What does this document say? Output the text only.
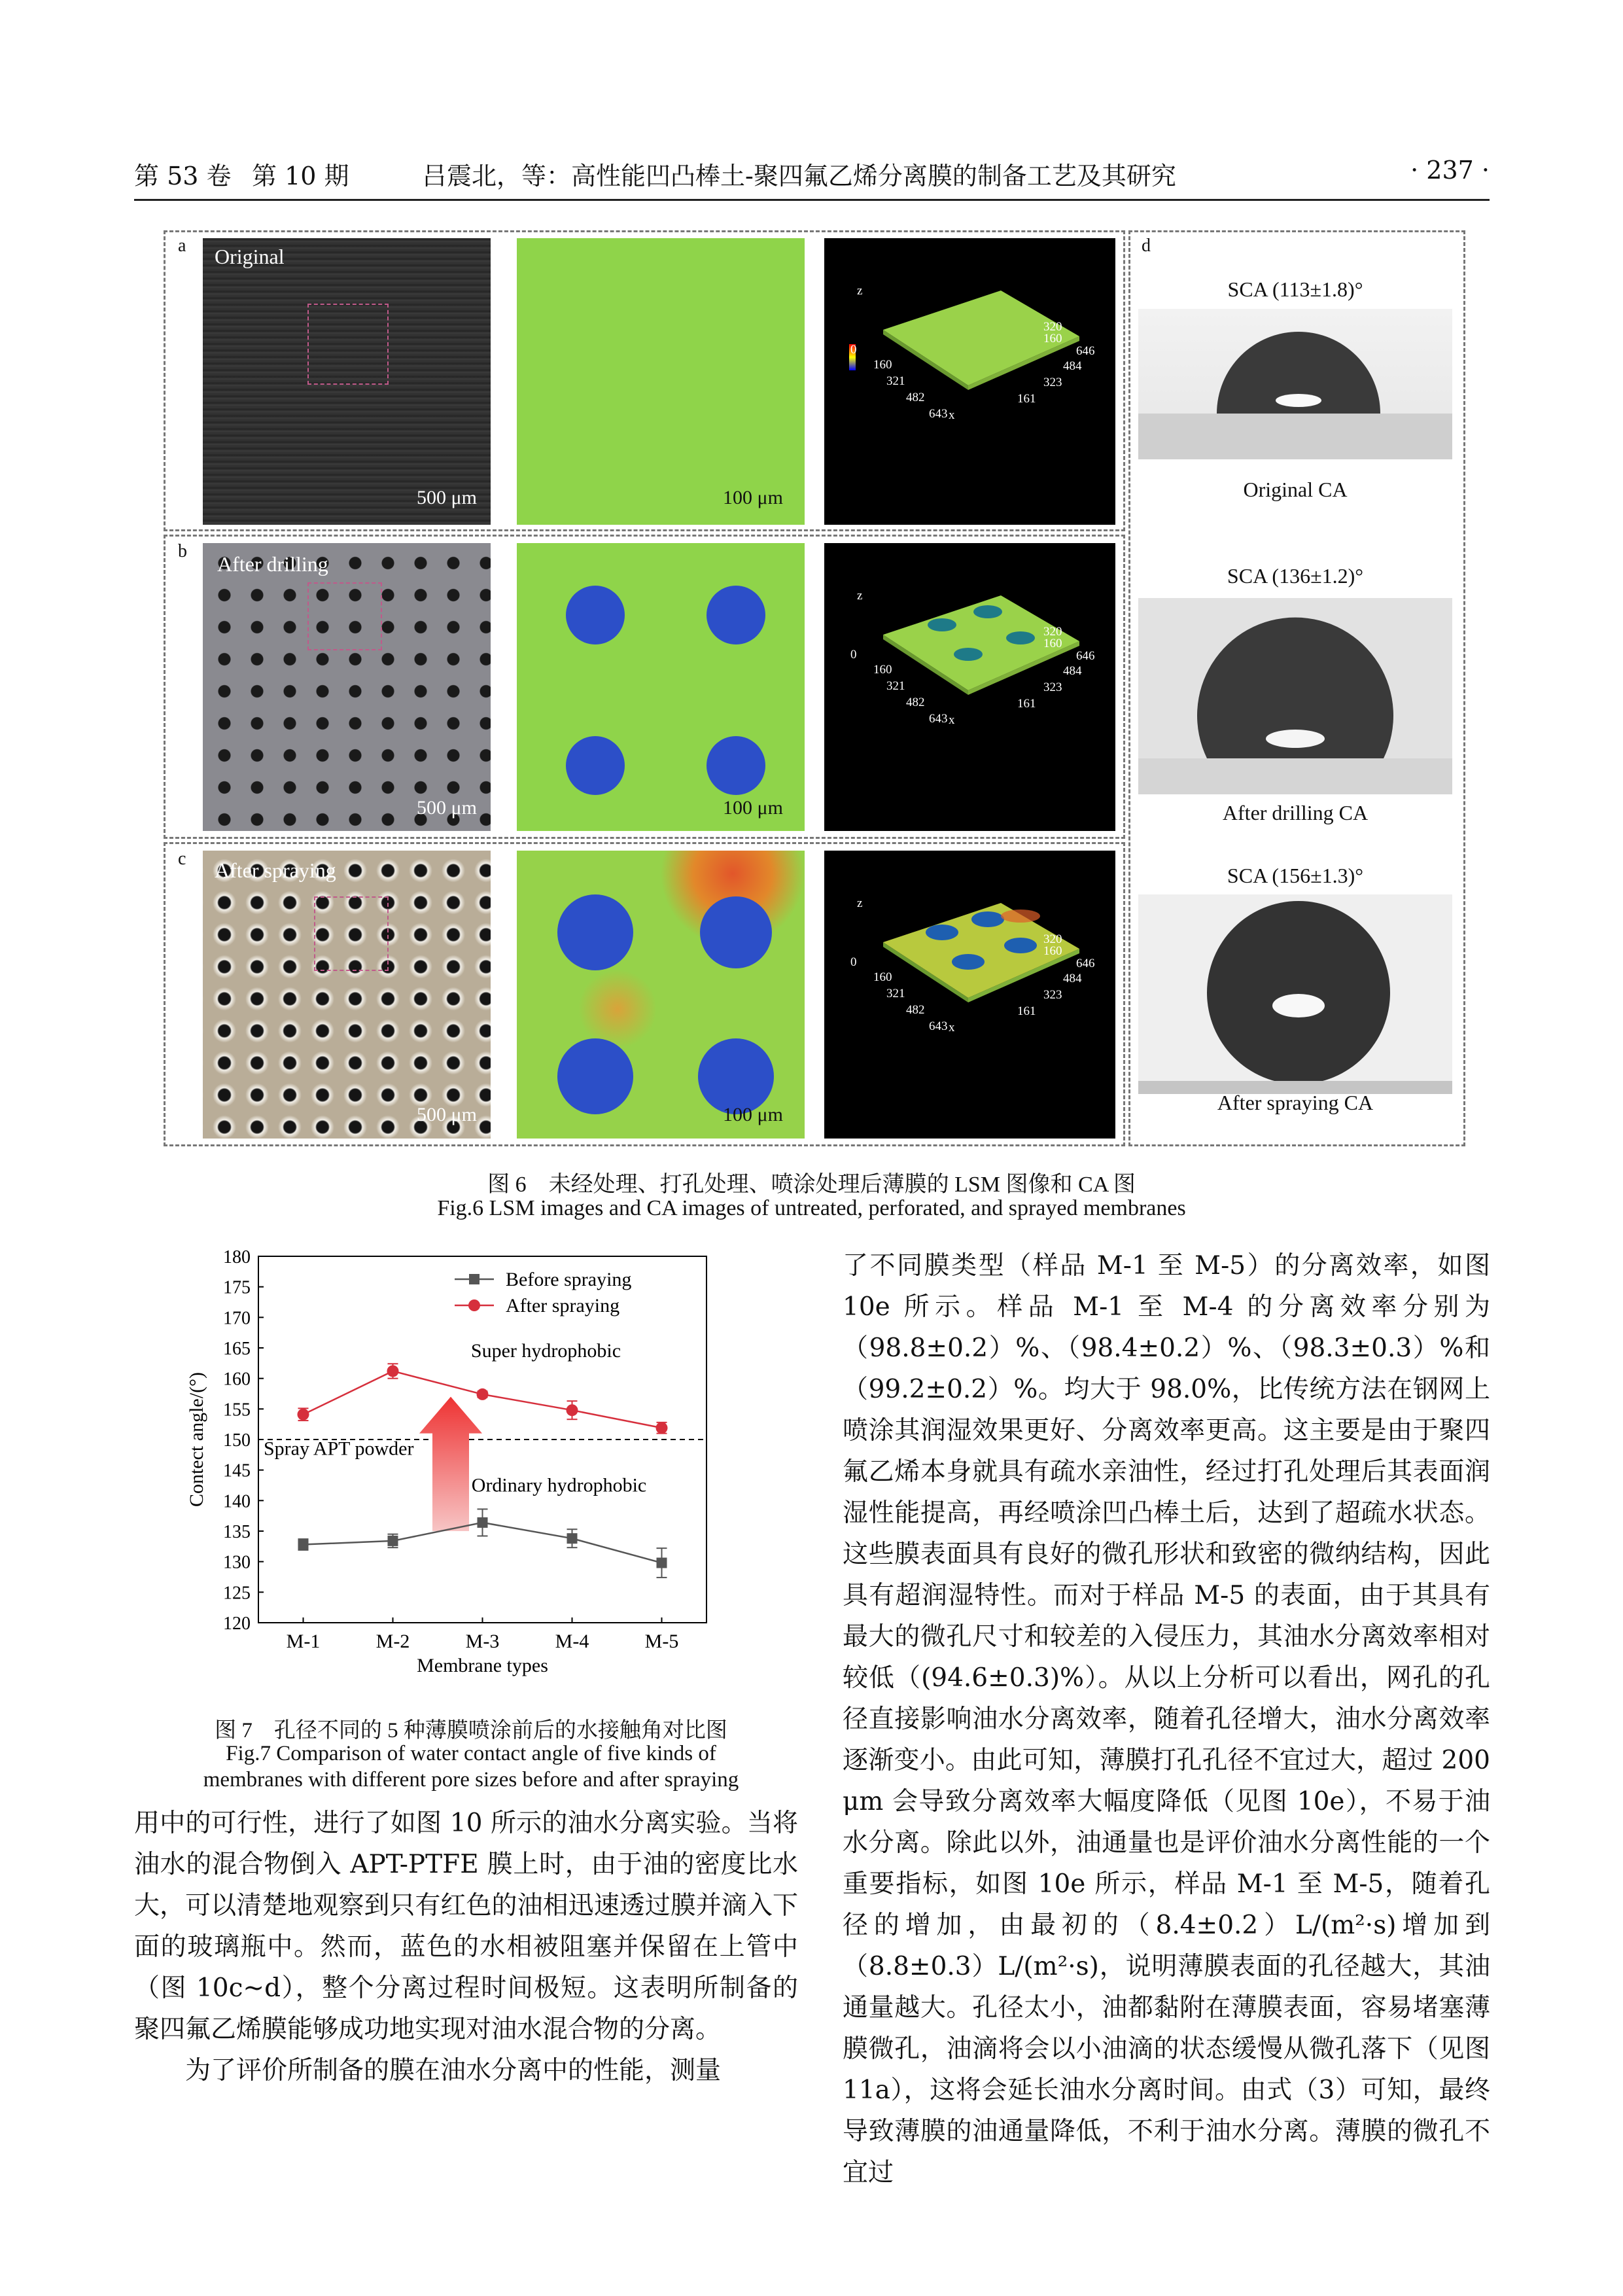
第 53 卷 第 10 期	吕震北，等：高性能凹凸棒土-聚四氟乙烯分离膜的制备工艺及其研究	· 237 ·
a Original
500 μm	100 μm
b
After drilling
500 μm	100 μm
c After spraying
500 μm	100 μm
0
160
321
482
643
320
160
646
484
323
161
x
z
0
160
321
482
643
320
160
646
484
323
161
x
z
0
160
321
482
643
320
160
646
484
323
161
x
z
d
SCA (113±1.8)°
Original CA
SCA (136±1.2)°
After drilling CA
SCA (156±1.3)°
After spraying CA
图 6　未经处理、打孔处理、喷涂处理后薄膜的 LSM 图像和 CA 图
Fig.6 LSM images and CA images of untreated, perforated, and sprayed membranes
120
125
130
135
140
145
150
155
160
165
170
175
180
M-1	M-2	M-3	M-4	M-5
Membrane types
Contect angle/(°)	Spray APT powder
Super hydrophobic
Ordinary hydrophobic
Before spraying
After spraying
图 7　孔径不同的 5 种薄膜喷涂前后的水接触角对比图
Fig.7 Comparison of water contact angle of five kinds of
membranes with different pore sizes before and after spraying

用中的可行性，进行了如图 10 所示的油水分离实验。当将油水的混合物倒入 APT-PTFE 膜上时，由于油的密度比水大，可以清楚地观察到只有红色的油相迅速透过膜并滴入下面的玻璃瓶中。然而，蓝色的水相被阻塞并保留在上管中（图 10c~d），整个分离过程时间极短。这表明所制备的聚四氟乙烯膜能够成功地实现对油水混合物的分离。

为了评价所制备的膜在油水分离中的性能，测量

了不同膜类型（样品 M-1 至 M-5）的分离效率，如图 10e 所示。样品 M-1 至 M-4 的分离效率分别为（98.8±0.2）%、（98.4±0.2）%、（98.3±0.3）%和（99.2±0.2）%。均大于 98.0%，比传统方法在钢网上喷涂其润湿效果更好、分离效率更高。这主要是由于聚四氟乙烯本身就具有疏水亲油性，经过打孔处理后其表面润湿性能提高，再经喷涂凹凸棒土后，达到了超疏水状态。这些膜表面具有良好的微孔形状和致密的微纳结构，因此具有超润湿特性。而对于样品 M-5 的表面，由于其具有最大的微孔尺寸和较差的入侵压力，其油水分离效率相对较低（(94.6±0.3)%）。从以上分析可以看出，网孔的孔径直接影响油水分离效率，随着孔径增大，油水分离效率逐渐变小。由此可知，薄膜打孔孔径不宜过大，超过 200 μm 会导致分离效率大幅度降低（见图 10e），不易于油水分离。除此以外，油通量也是评价油水分离性能的一个重要指标，如图 10e 所示，样品 M-1 至 M-5，随着孔径的增加，由最初的（8.4±0.2）L/(m²·s)增加到（8.8±0.3）L/(m²·s)，说明薄膜表面的孔径越大，其油通量越大。孔径太小，油都黏附在薄膜表面，容易堵塞薄膜微孔，油滴将会以小油滴的状态缓慢从微孔落下（见图 11a），这将会延长油水分离时间。由式（3）可知，最终导致薄膜的油通量降低，不利于油水分离。薄膜的微孔不宜过
